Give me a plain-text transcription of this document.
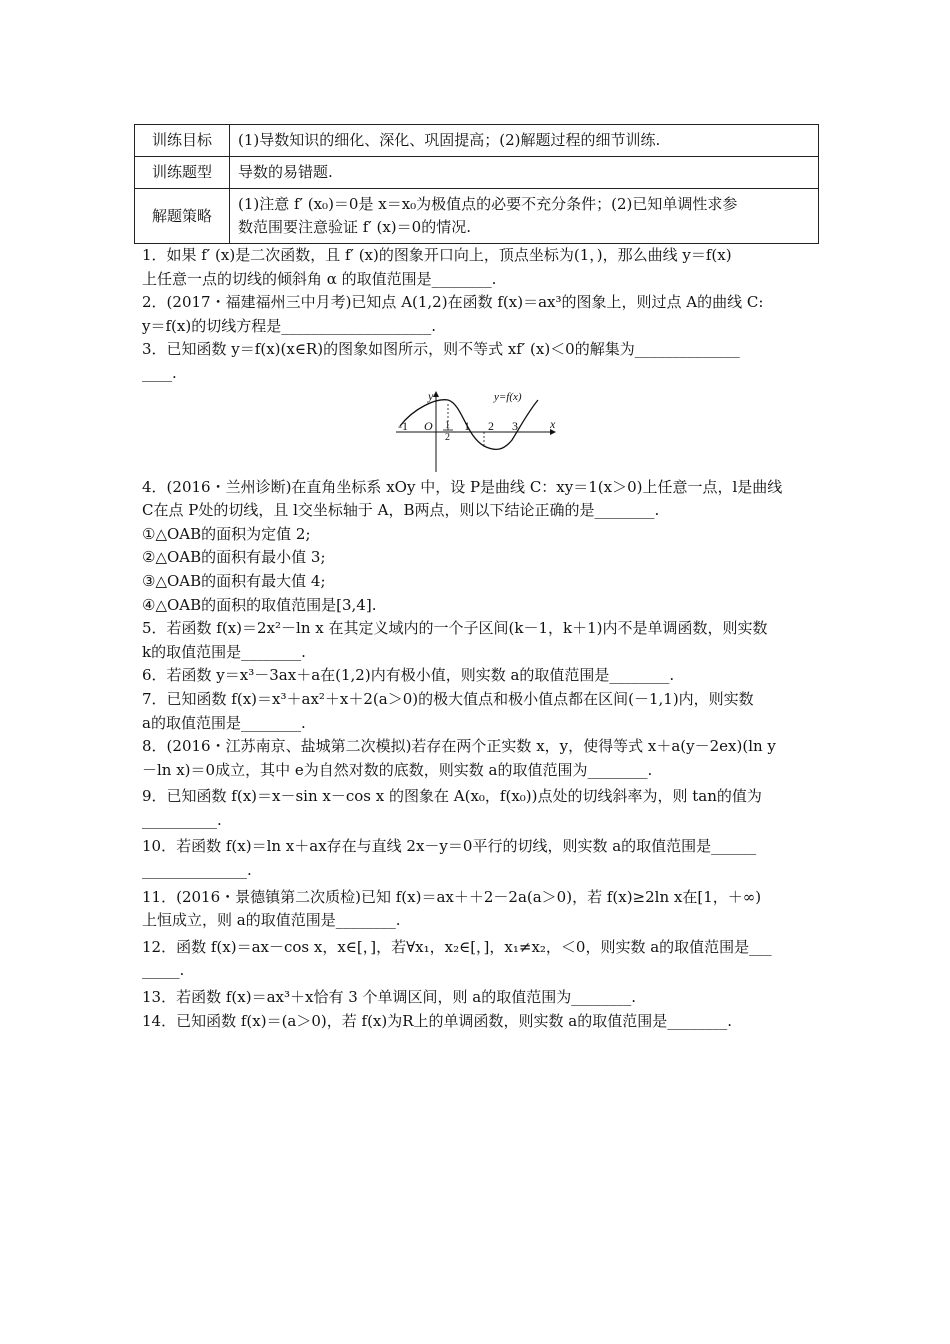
训练目标	(1)导数知识的细化、深化、巩固提高；(2)解题过程的细节训练.
训练题型	导数的易错题.
解题策略	(1)注意 f′ (x₀)＝0是 x＝x₀为极值点的必要不充分条件；(2)已知单调性求参
数范围要注意验证 f′ (x)＝0的情况.
1．如果 f′ (x)是二次函数，且 f′ (x)的图象开口向上，顶点坐标为(1，)，那么曲线 y＝f(x)
上任意一点的切线的倾斜角 α 的取值范围是________.
2．(2017・福建福州三中月考)已知点 A(1,2)在函数 f(x)＝ax³的图象上，则过点 A的曲线 C:
y＝f(x)的切线方程是____________________.
3．已知函数 y＝f(x)(x∈R)的图象如图所示，则不等式 xf′ (x)＜0的解集为______________
____.
y
x
O
y=f(x)
-1	1 2 3
1
2
4．(2016・兰州诊断)在直角坐标系 xOy 中，设 P是曲线 C：xy＝1(x＞0)上任意一点，l是曲线
C在点 P处的切线，且 l交坐标轴于 A，B两点，则以下结论正确的是________.
①△OAB的面积为定值 2;
②△OAB的面积有最小值 3;
③△OAB的面积有最大值 4;
④△OAB的面积的取值范围是[3,4].
5．若函数 f(x)＝2x²－ln x 在其定义域内的一个子区间(k－1，k＋1)内不是单调函数，则实数
k的取值范围是________.
6．若函数 y＝x³－3ax＋a在(1,2)内有极小值，则实数 a的取值范围是________.
7．已知函数 f(x)＝x³＋ax²＋x＋2(a＞0)的极大值点和极小值点都在区间(－1,1)内，则实数
a的取值范围是________.
8．(2016・江苏南京、盐城第二次模拟)若存在两个正实数 x，y，使得等式 x＋a(y－2ex)(ln y
－ln x)＝0成立，其中 e为自然对数的底数，则实数 a的取值范围为________.
9．已知函数 f(x)＝x－sin x－cos x 的图象在 A(x₀，f(x₀))点处的切线斜率为，则 tan的值为
__________.
10．若函数 f(x)＝ln x＋ax存在与直线 2x－y＝0平行的切线，则实数 a的取值范围是______
______________.
11．(2016・景德镇第二次质检)已知 f(x)＝ax＋＋2－2a(a＞0)，若 f(x)≥2ln x在[1，＋∞)
上恒成立，则 a的取值范围是________.
12．函数 f(x)＝ax－cos x，x∈[，]，若∀x₁，x₂∈[，]，x₁≠x₂，＜0，则实数 a的取值范围是___
_____.
13．若函数 f(x)＝ax³＋x恰有 3 个单调区间，则 a的取值范围为________.
14．已知函数 f(x)＝(a＞0)，若 f(x)为R上的单调函数，则实数 a的取值范围是________.
